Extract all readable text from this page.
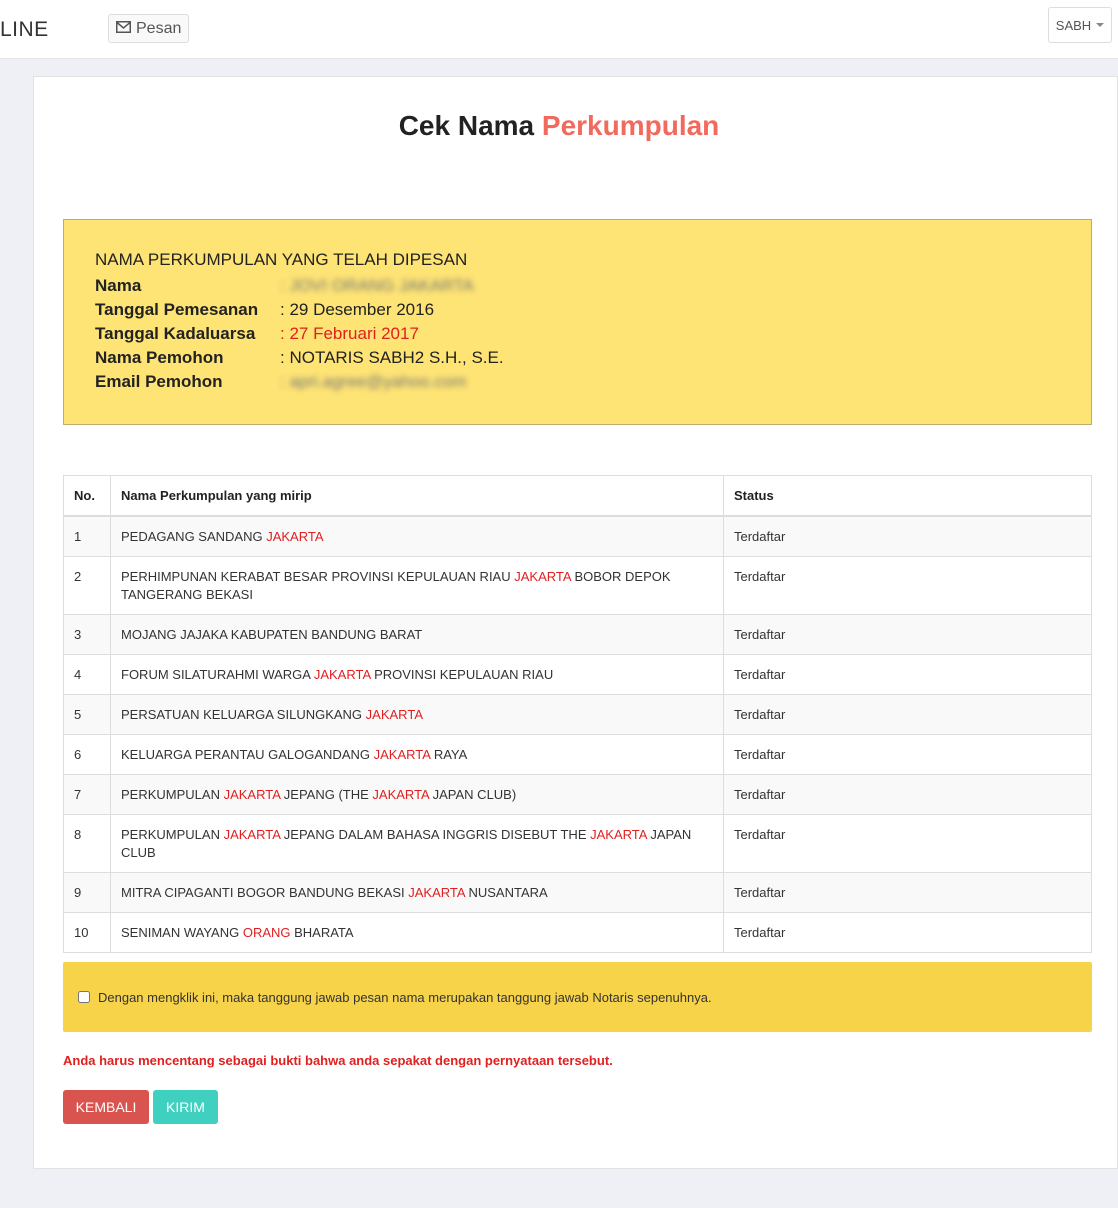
LINE	Pesan	SABH
Cek Nama Perkumpulan
NAMA PERKUMPULAN YANG TELAH DIPESAN
Nama	: JOVI ORANG JAKARTA
Tanggal Pemesanan	: 29 Desember 2016
Tanggal Kadaluarsa	: 27 Februari 2017
Nama Pemohon	: NOTARIS SABH2 S.H., S.E.
Email Pemohon	: apri.agree@yahoo.com
No.	Nama Perkumpulan yang mirip	Status
1	PEDAGANG SANDANG JAKARTA	Terdaftar
2	PERHIMPUNAN KERABAT BESAR PROVINSI KEPULAUAN RIAU JAKARTA BOBOR DEPOK TANGERANG BEKASI	Terdaftar
3	MOJANG JAJAKA KABUPATEN BANDUNG BARAT	Terdaftar
4	FORUM SILATURAHMI WARGA JAKARTA PROVINSI KEPULAUAN RIAU	Terdaftar
5	PERSATUAN KELUARGA SILUNGKANG JAKARTA	Terdaftar
6	KELUARGA PERANTAU GALOGANDANG JAKARTA RAYA	Terdaftar
7	PERKUMPULAN JAKARTA JEPANG (THE JAKARTA JAPAN CLUB)	Terdaftar
8	PERKUMPULAN JAKARTA JEPANG DALAM BAHASA INGGRIS DISEBUT THE JAKARTA JAPAN CLUB	Terdaftar
9	MITRA CIPAGANTI BOGOR BANDUNG BEKASI JAKARTA NUSANTARA	Terdaftar
10	SENIMAN WAYANG ORANG BHARATA	Terdaftar
Dengan mengklik ini, maka tanggung jawab pesan nama merupakan tanggung jawab Notaris sepenuhnya.
Anda harus mencentang sebagai bukti bahwa anda sepakat dengan pernyataan tersebut.
KEMBALI	KIRIM
